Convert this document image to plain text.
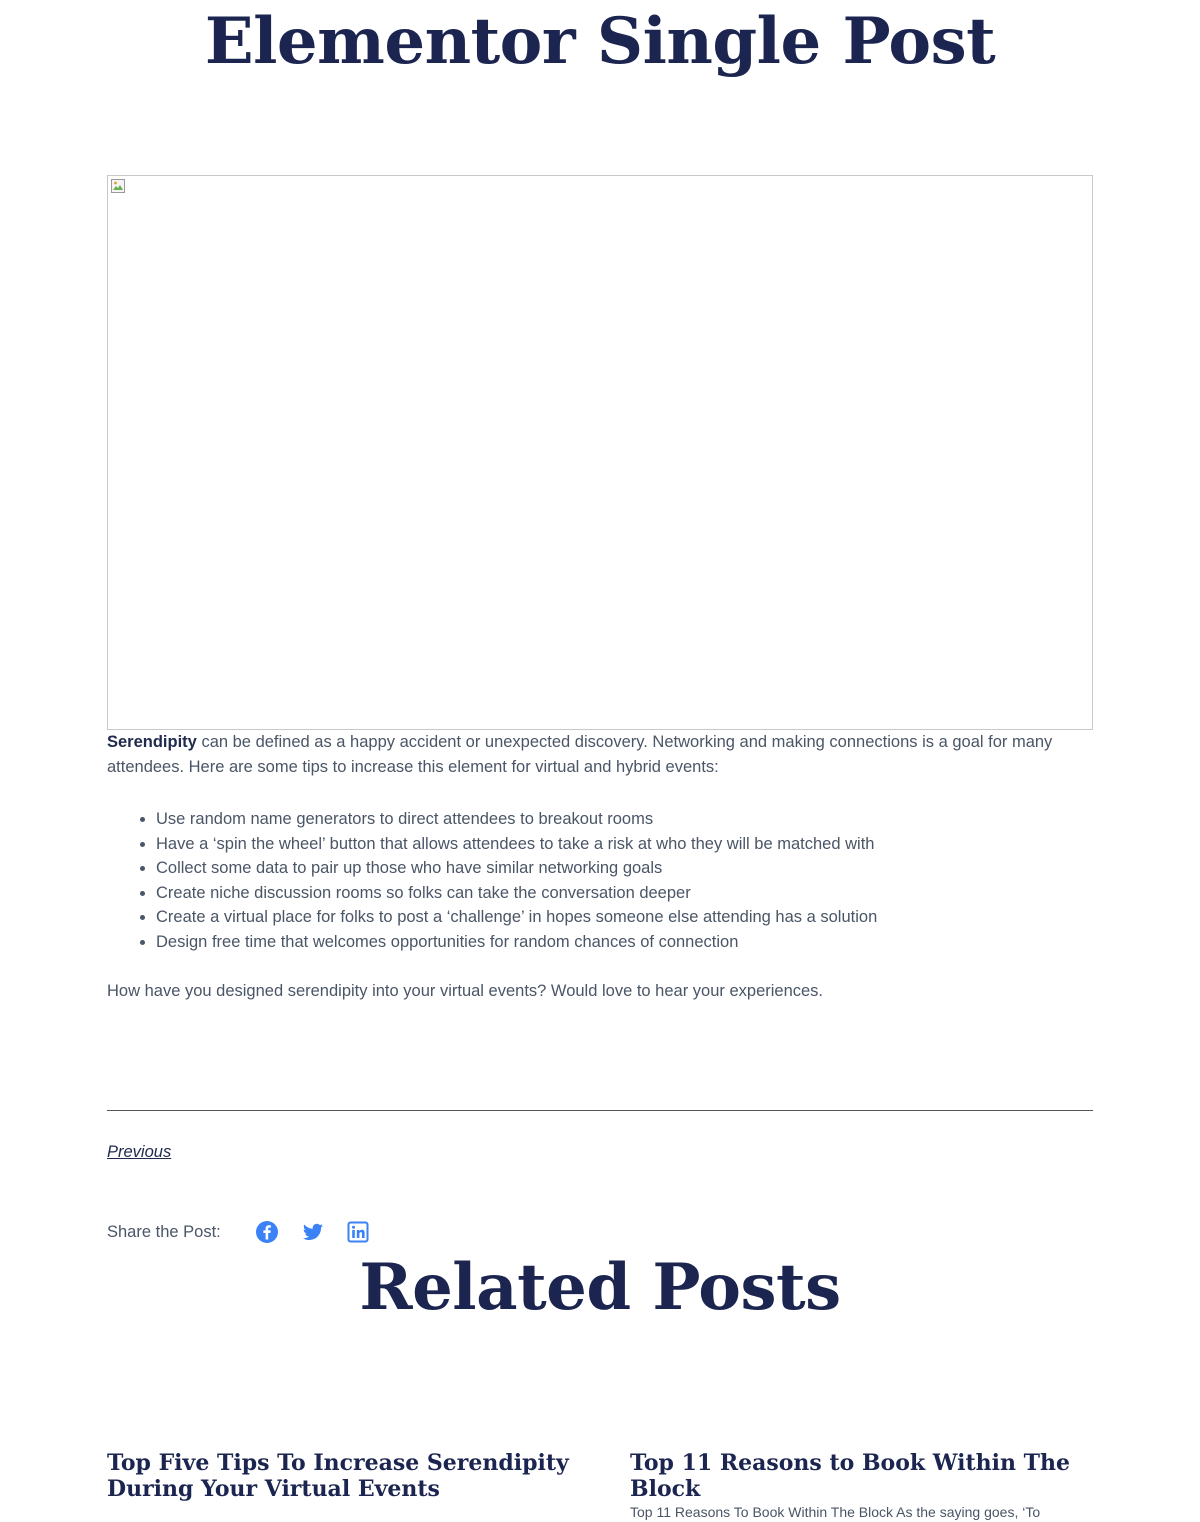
Elementor Single Post

Serendipity can be defined as a happy accident or unexpected discovery. Networking and making connections is a goal for many attendees. Here are some tips to increase this element for virtual and hybrid events:

• Use random name generators to direct attendees to breakout rooms
• Have a ‘spin the wheel’ button that allows attendees to take a risk at who they will be matched with
• Collect some data to pair up those who have similar networking goals
• Create niche discussion rooms so folks can take the conversation deeper
• Create a virtual place for folks to post a ‘challenge’ in hopes someone else attending has a solution
• Design free time that welcomes opportunities for random chances of connection

How have you designed serendipity into your virtual events? Would love to hear your experiences.

Previous
Share the Post:
Related Posts
Top Five Tips To Increase Serendipity During Your Virtual Events
Top 11 Reasons to Book Within The Block

Top 11 Reasons To Book Within The Block As the saying goes, ‘To
